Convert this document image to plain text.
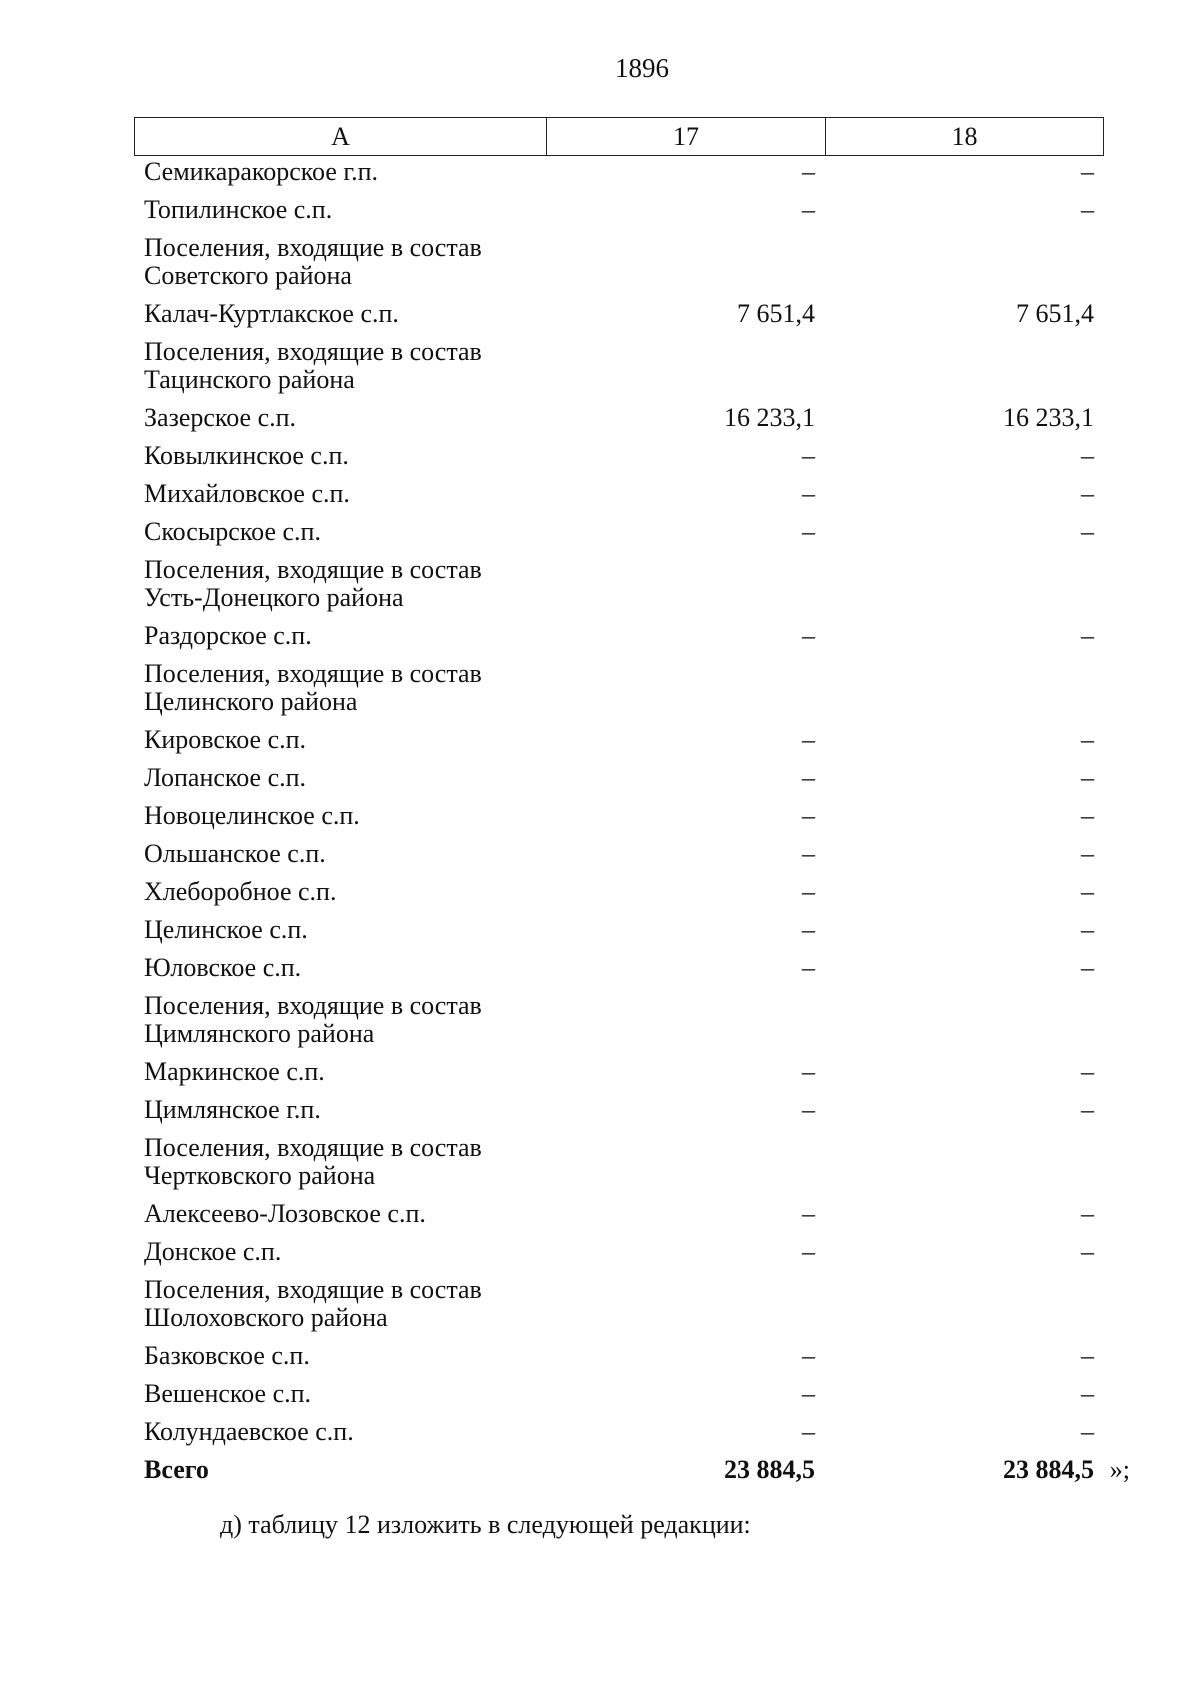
1896
А	17	18
Семикаракорское г.п.	–	–
Топилинское с.п.	–	–
Поселения, входящие в состав
Советского района
Калач-Куртлакское с.п.	7 651,4	7 651,4
Поселения, входящие в состав
Тацинского района
Зазерское с.п.	16 233,1	16 233,1
Ковылкинское с.п.	–	–
Михайловское с.п.	–	–
Скосырское с.п.	–	–
Поселения, входящие в состав
Усть-Донецкого района
Раздорское с.п.	–	–
Поселения, входящие в состав
Целинского района
Кировское с.п.	–	–
Лопанское с.п.	–	–
Новоцелинское с.п.	–	–
Ольшанское с.п.	–	–
Хлеборобное с.п.	–	–
Целинское с.п.	–	–
Юловское с.п.	–	–
Поселения, входящие в состав
Цимлянского района
Маркинское с.п.	–	–
Цимлянское г.п.	–	–
Поселения, входящие в состав
Чертковского района
Алексеево-Лозовское с.п.	–	–
Донское с.п.	–	–
Поселения, входящие в состав
Шолоховского района
Базковское с.п.	–	–
Вешенское с.п.	–	–
Колундаевское с.п.	–	–
Всего	23 884,5	23 884,5 »;
д) таблицу 12 изложить в следующей редакции:
